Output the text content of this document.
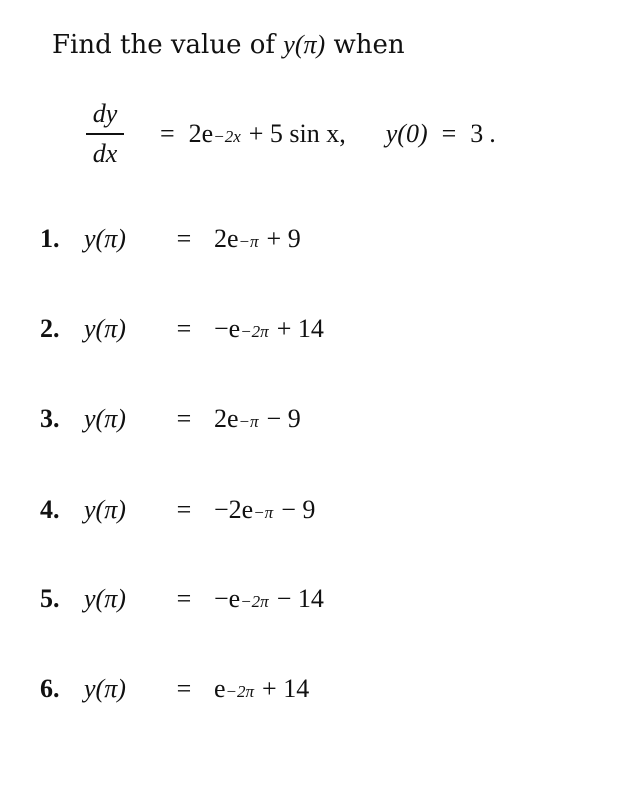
Find the value of y(π) when
$\frac{dy}{dx} = 2e -2x + 5$ sin x, y(0) = 3 .
1. y(π)	= 2e −π + 9
2. y(π)	= −e −2π + 14
3. y(π)	= 2e −π − 9
4. y(π)	= −2e −π − 9
5. y(π)	= −e −2π − 14
6. y(π)	= e −2π + 14
